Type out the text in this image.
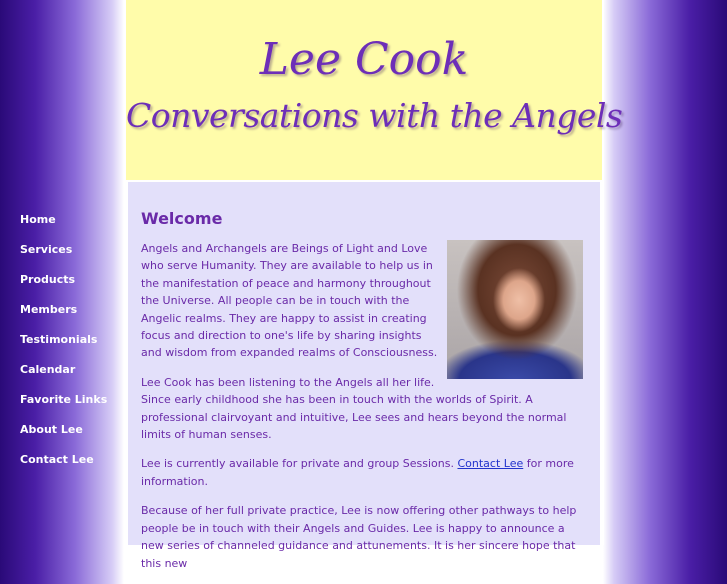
Lee Cook
Conversations with the Angels
Home
Services
Products
Members
Testimonials
Calendar
Favorite Links
About Lee
Contact Lee
Welcome

Angels and Archangels are Beings of Light and Love who serve Humanity. They are available to help us in the manifestation of peace and harmony throughout the Universe. All people can be in touch with the Angelic realms. They are happy to assist in creating focus and direction to one's life by sharing insights and wisdom from expanded realms of Consciousness.

Lee Cook has been listening to the Angels all her life. Since early childhood she has been in touch with the worlds of Spirit. A professional clairvoyant and intuitive, Lee sees and hears beyond the normal limits of human senses.

Lee is currently available for private and group Sessions. Contact Lee for more information.

Because of her full private practice, Lee is now offering other pathways to help people be in touch with their Angels and Guides. Lee is happy to announce a new series of channeled guidance and attunements. It is her sincere hope that this new
